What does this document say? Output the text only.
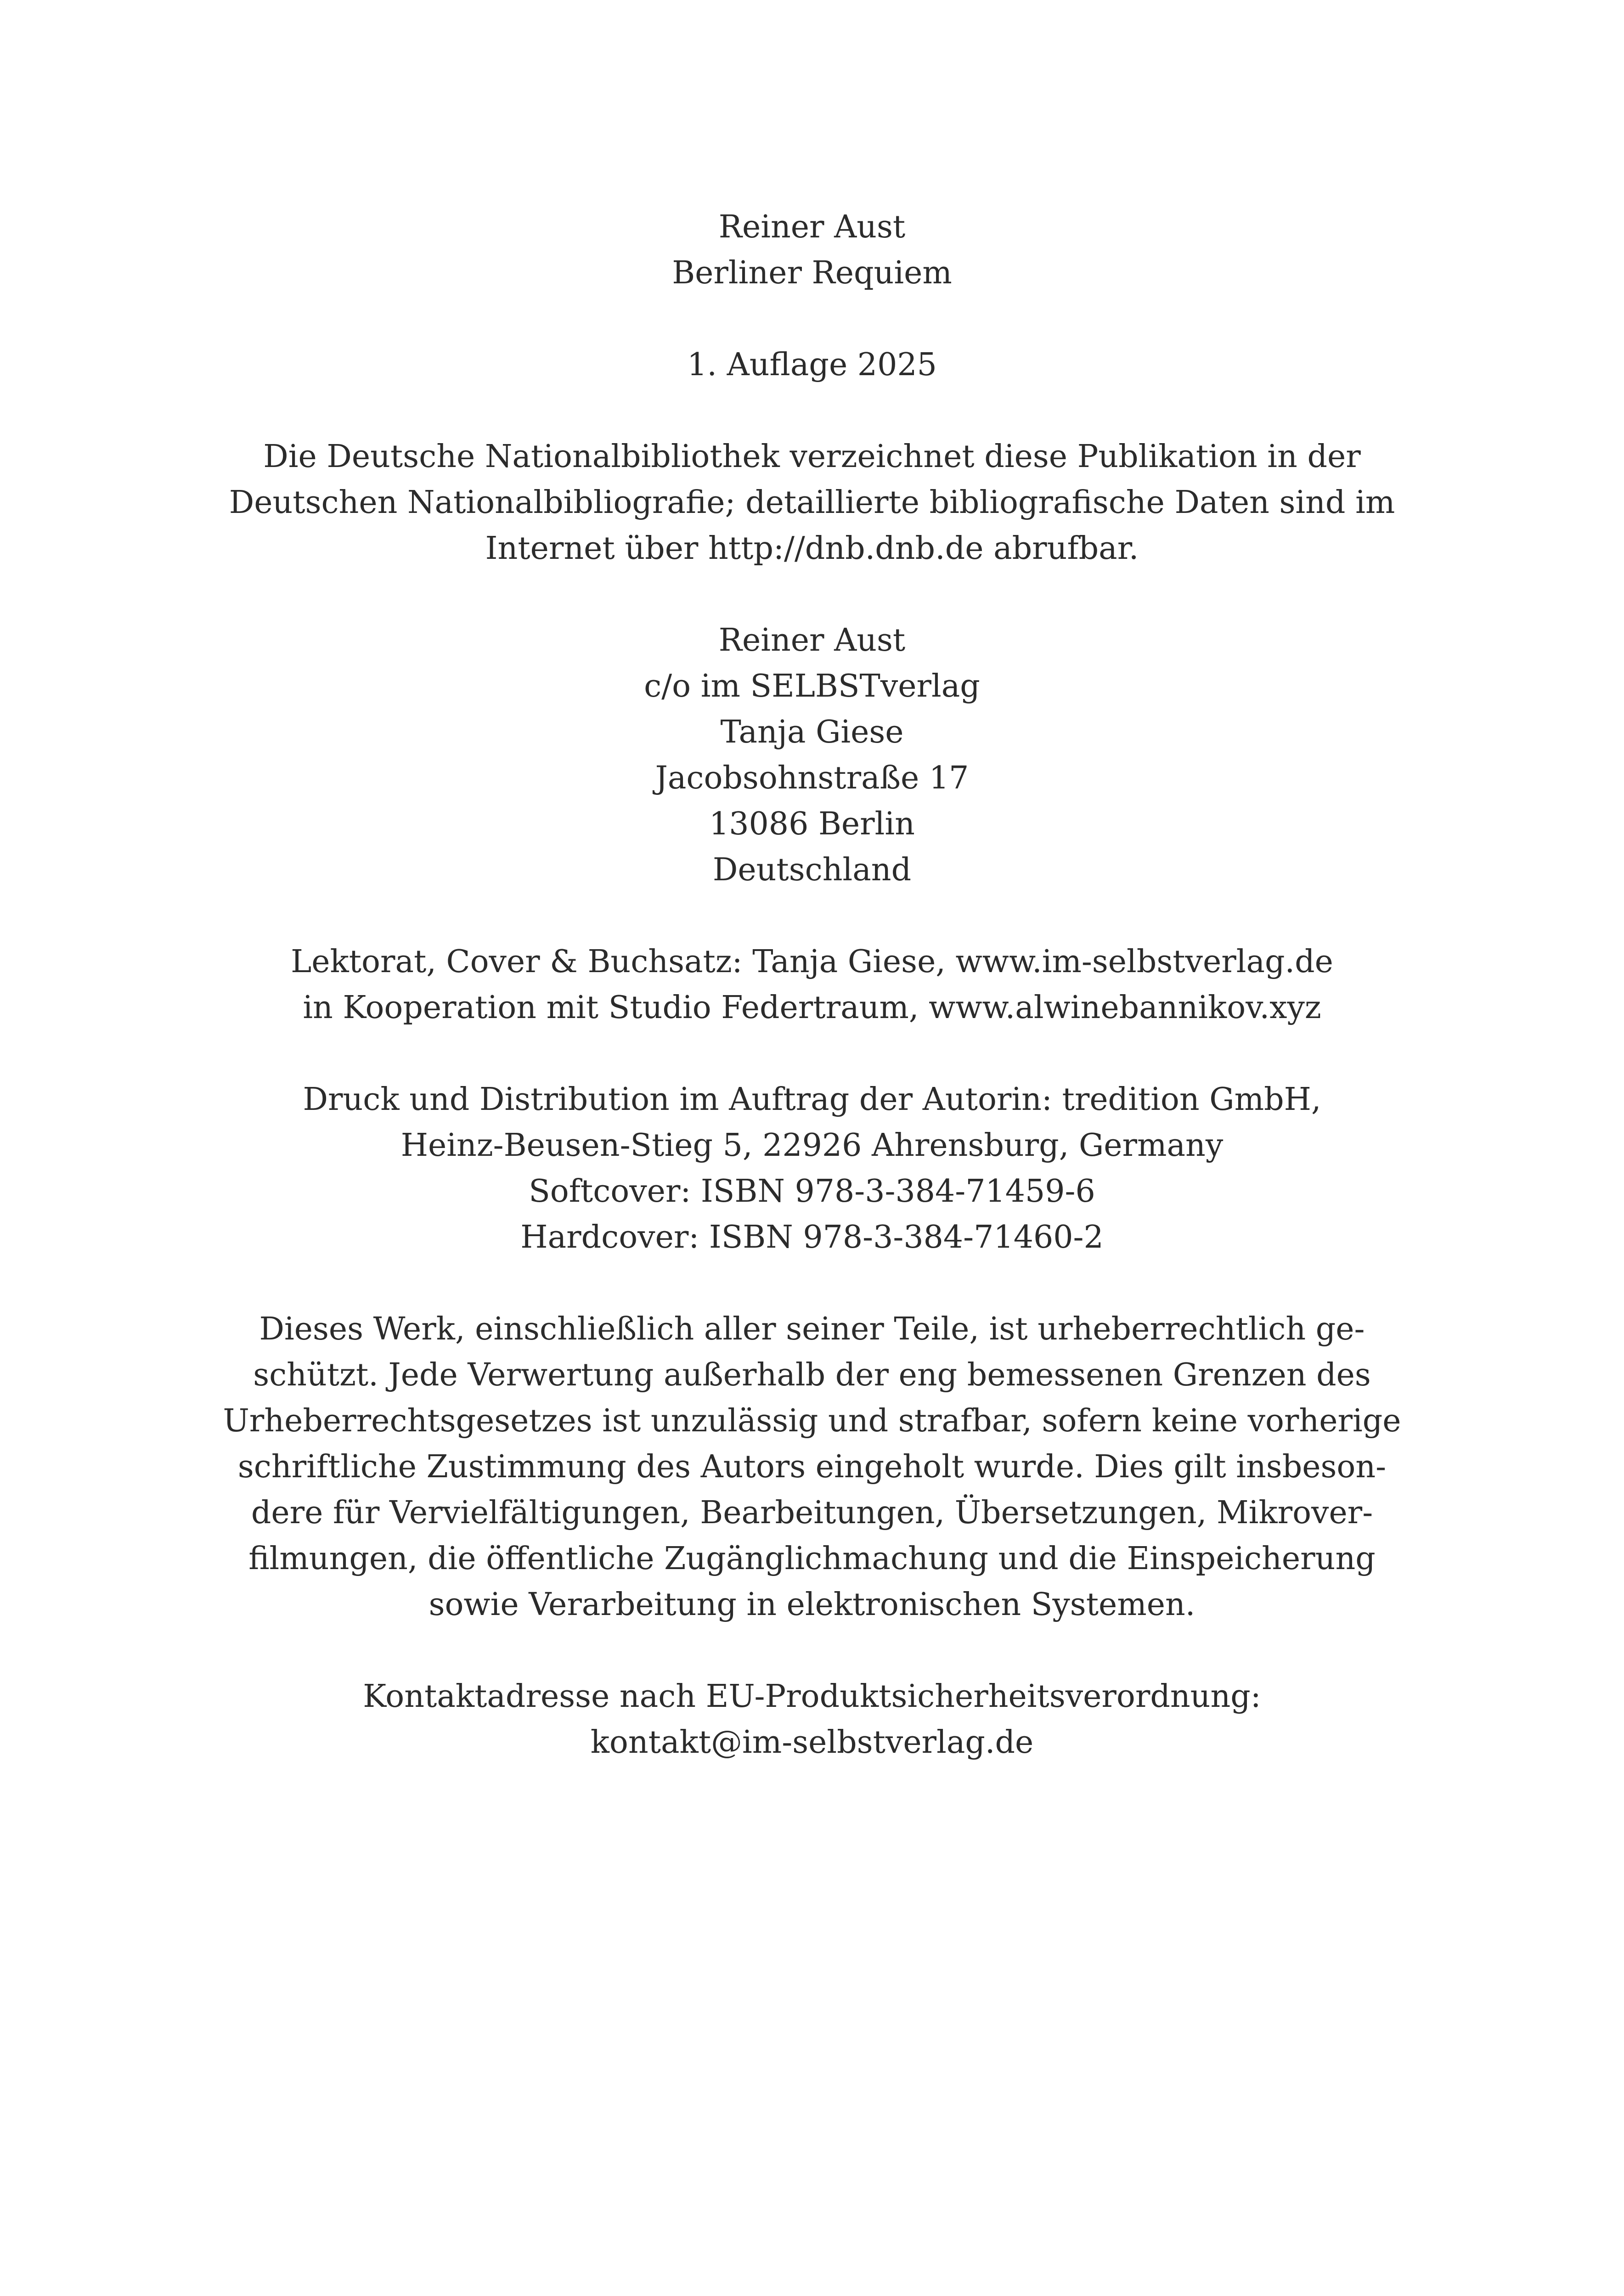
Reiner Aust
Berliner Requiem
1. Auflage 2025
Die Deutsche Nationalbibliothek verzeichnet diese Publikation in der
Deutschen Nationalbibliografie; detaillierte bibliografische Daten sind im
Internet über http://dnb.dnb.de abrufbar.
Reiner Aust
c/o im SELBSTverlag
Tanja Giese
Jacobsohnstraße 17
13086 Berlin
Deutschland
Lektorat, Cover & Buchsatz: Tanja Giese, www.im-selbstverlag.de
in Kooperation mit Studio Federtraum, www.alwinebannikov.xyz
Druck und Distribution im Auftrag der Autorin: tredition GmbH,
Heinz-Beusen-Stieg 5, 22926 Ahrensburg, Germany
Softcover: ISBN 978-3-384-71459-6
Hardcover: ISBN 978-3-384-71460-2
Dieses Werk, einschließlich aller seiner Teile, ist urheberrechtlich ge-
schützt. Jede Verwertung außerhalb der eng bemessenen Grenzen des
Urheberrechtsgesetzes ist unzulässig und strafbar, sofern keine vorherige
schriftliche Zustimmung des Autors eingeholt wurde. Dies gilt insbeson-
dere für Vervielfältigungen, Bearbeitungen, Übersetzungen, Mikrover-
filmungen, die öffentliche Zugänglichmachung und die Einspeicherung
sowie Verarbeitung in elektronischen Systemen.
Kontaktadresse nach EU-Produktsicherheitsverordnung:
kontakt@im-selbstverlag.de
